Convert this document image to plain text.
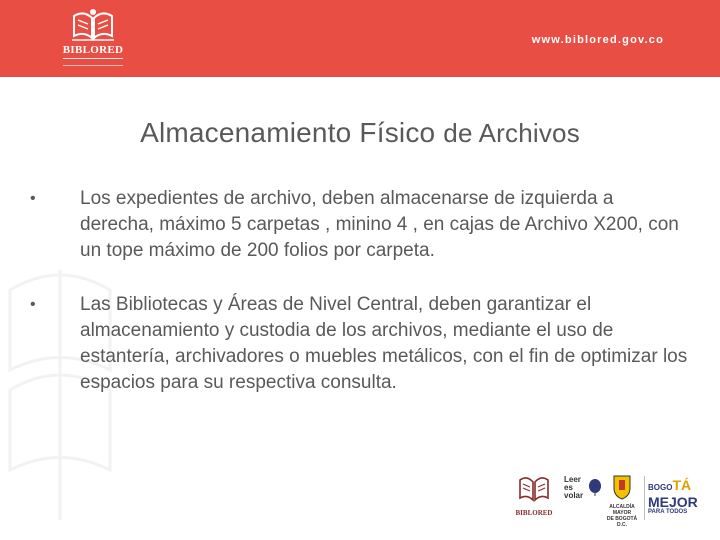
BIBLORED
www.biblored.gov.co
Almacenamiento Físico de Archivos
•	Los expedientes de archivo, deben almacenarse de izquierda a derecha, máximo 5 carpetas , minino 4 , en cajas de Archivo X200, con un tope máximo de 200 folios por carpeta.
•	Las Bibliotecas y Áreas de Nivel Central, deben garantizar el almacenamiento y custodia de los archivos, mediante el uso de estantería, archivadores o muebles metálicos, con el fin de optimizar los espacios para su respectiva consulta.
BIBLORED
Leer
es
volar
ALCALDÍA MAYOR
DE BOGOTÁ D.C.
BOGOTÁ
MEJOR
PARA TODOS
